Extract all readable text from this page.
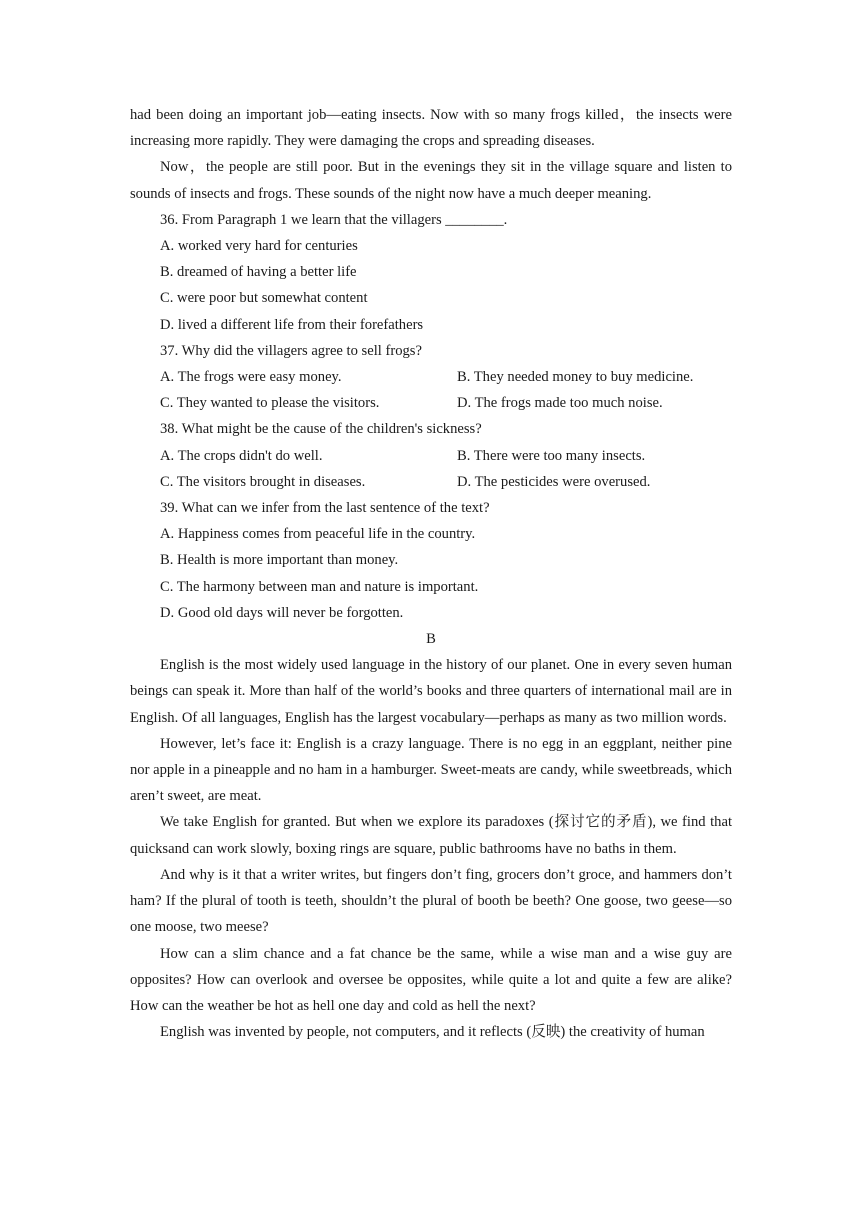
had been doing an important job—eating insects. Now with so many frogs killed，the insects were increasing more rapidly. They were damaging the crops and spreading diseases.

Now，the people are still poor. But in the evenings they sit in the village square and listen to sounds of insects and frogs. These sounds of the night now have a much deeper meaning.

36. From Paragraph 1 we learn that the villagers ________.

A. worked very hard for centuries

B. dreamed of having a better life

C. were poor but somewhat content

D. lived a different life from their forefathers

37. Why did the villagers agree to sell frogs?

A. The frogs were easy money.	B. They needed money to buy medicine.
C. They wanted to please the visitors.	D. The frogs made too much noise.

38. What might be the cause of the children's sickness?

A. The crops didn't do well.	B. There were too many insects.
C. The visitors brought in diseases.	D. The pesticides were overused.

39. What can we infer from the last sentence of the text?

A. Happiness comes from peaceful life in the country.

B. Health is more important than money.

C. The harmony between man and nature is important.

D. Good old days will never be forgotten.

B

English is the most widely used language in the history of our planet. One in every seven human beings can speak it. More than half of the world’s books and three quarters of international mail are in English. Of all languages, English has the largest vocabulary—perhaps as many as two million words.

However, let’s face it: English is a crazy language. There is no egg in an eggplant, neither pine nor apple in a pineapple and no ham in a hamburger. Sweet-meats are candy, while sweetbreads, which aren’t sweet, are meat.

We take English for granted. But when we explore its paradoxes (探讨它的矛盾), we find that quicksand can work slowly, boxing rings are square, public bathrooms have no baths in them.

And why is it that a writer writes, but fingers don’t fing, grocers don’t groce, and hammers don’t ham? If the plural of tooth is teeth, shouldn’t the plural of booth be beeth? One goose, two geese—so one moose, two meese?

How can a slim chance and a fat chance be the same, while a wise man and a wise guy are opposites? How can overlook and oversee be opposites, while quite a lot and quite a few are alike? How can the weather be hot as hell one day and cold as hell the next?

English was invented by people, not computers, and it reflects (反映) the creativity of human
